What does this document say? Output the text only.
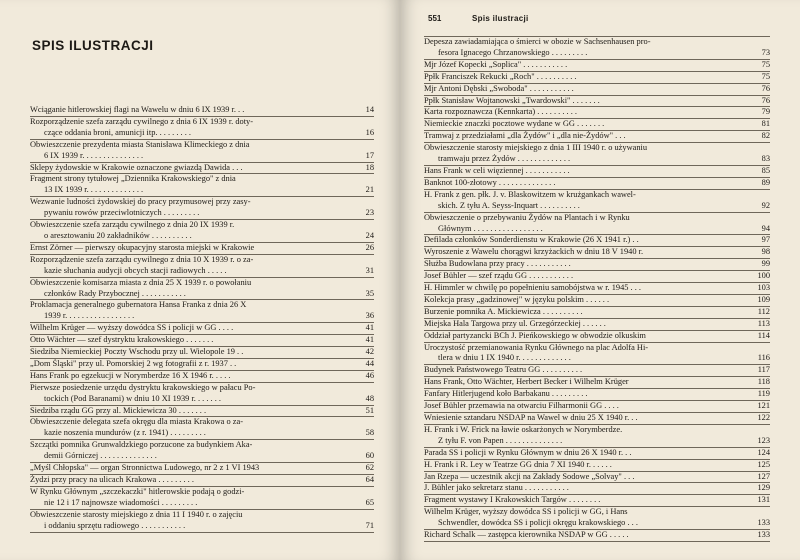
SPIS ILUSTRACJI
Wciąganie hitlerowskiej flagi na Wawelu w dniu 6 IX 1939 r. . .	14
Rozporządzenie szefa zarządu cywilnego z dnia 6 IX 1939 r. doty-
czące oddania broni, amunicji itp. . . . . . . . .	16
Obwieszczenie prezydenta miasta Stanisława Klimeckiego z dnia
6 IX 1939 r. . . . . . . . . . . . . . .	17
Sklepy żydowskie w Krakowie oznaczone gwiazdą Dawida . . .	18
Fragment strony tytułowej „Dziennika Krakowskiego" z dnia
13 IX 1939 r. . . . . . . . . . . . . .	21
Wezwanie ludności żydowskiej do pracy przymusowej przy zasy-
pywaniu rowów przeciwlotniczych . . . . . . . . .	23
Obwieszczenie szefa zarządu cywilnego z dnia 20 IX 1939 r.
o aresztowaniu 20 zakładników . . . . . . . . . .	24
Ernst Zörner — pierwszy okupacyjny starosta miejski w Krakowie	26
Rozporządzenie szefa zarządu cywilnego z dnia 10 X 1939 r. o za-
kazie słuchania audycji obcych stacji radiowych . . . . .	31
Obwieszczenie komisarza miasta z dnia 25 X 1939 r. o powołaniu
członków Rady Przybocznej . . . . . . . . . . .	35
Proklamacja generalnego gubernatora Hansa Franka z dnia 26 X
1939 r. . . . . . . . . . . . . . . . .	36
Wilhelm Krüger — wyższy dowódca SS i policji w GG . . . .	41
Otto Wächter — szef dystryktu krakowskiego . . . . . . .	41
Siedziba Niemieckiej Poczty Wschodu przy ul. Wielopole 19 . .	42
„Dom Śląski" przy ul. Pomorskiej 2 wg fotografii z r. 1937 . .	44
Hans Frank po egzekucji w Norymberdze 16 X 1946 r. . . . .	46
Pierwsze posiedzenie urzędu dystryktu krakowskiego w pałacu Po-
tockich (Pod Baranami) w dniu 10 XI 1939 r. . . . . . .	48
Siedziba rządu GG przy al. Mickiewicza 30 . . . . . . .	51
Obwieszczenie delegata szefa okręgu dla miasta Krakowa o za-
kazie noszenia mundurów (z r. 1941) . . . . . . . . .	58
Szczątki pomnika Grunwaldzkiego porzucone za budynkiem Aka-
demii Górniczej . . . . . . . . . . . . . .	60
„Myśl Chłopska" — organ Stronnictwa Ludowego, nr 2 z 1 VI 1943	62
Żydzi przy pracy na ulicach Krakowa . . . . . . . . .	64
W Rynku Głównym „szczekaczki" hitlerowskie podają o godzi-
nie 12 i 17 najnowsze wiadomości . . . . . . . . .	65
Obwieszczenie starosty miejskiego z dnia 11 I 1940 r. o zajęciu
i oddaniu sprzętu radiowego . . . . . . . . . . .	71
551	Spis ilustracji
Depesza zawiadamiająca o śmierci w obozie w Sachsenhausen pro-
fesora Ignacego Chrzanowskiego . . . . . . . . .	73
Mjr Józef Kopecki „Soplica" . . . . . . . . . . .	75
Ppłk Franciszek Rekucki „Roch" . . . . . . . . . .	75
Mjr Antoni Dębski „Swoboda" . . . . . . . . . . .	76
Ppłk Stanisław Wojtanowski „Twardowski" . . . . . . .	76
Karta rozpoznawcza (Kennkarta) . . . . . . . . . .	79
Niemieckie znaczki pocztowe wydane w GG . . . . . . .	81
Tramwaj z przedziałami „dla Żydów" i „dla nie-Żydów" . . .	82
Obwieszczenie starosty miejskiego z dnia 1 III 1940 r. o używaniu
tramwaju przez Żydów . . . . . . . . . . . . .	83
Hans Frank w celi więziennej . . . . . . . . . . .	85
Banknot 100-złotowy . . . . . . . . . . . . . .	89
H. Frank z gen. płk. J. v. Blaskowitzem w krużgankach wawel-
skich. Z tyłu A. Seyss-Inquart . . . . . . . . . .	92
Obwieszczenie o przebywaniu Żydów na Plantach i w Rynku
Głównym . . . . . . . . . . . . . . . . .	94
Defilada członków Sonderdienstu w Krakowie (26 X 1941 r.) . .	97
Wyroszenie z Wawelu chorągwi krzyżackich w dniu 18 V 1940 r.	98
Służba Budowlana przy pracy . . . . . . . . . . .	99
Josef Bühler — szef rządu GG . . . . . . . . . . .	100
H. Himmler w chwilę po popełnieniu samobójstwa w r. 1945 . . .	103
Kolekcja prasy „gadzinowej" w języku polskim . . . . . .	109
Burzenie pomnika A. Mickiewicza . . . . . . . . . .	112
Miejska Hala Targowa przy ul. Grzegórzeckiej . . . . . .	113
Oddział partyzancki BCh J. Pieńkowskiego w obwodzie olkuskim	114
Uroczystość przemianowania Rynku Głównego na plac Adolfa Hi-
tlera w dniu 1 IX 1940 r. . . . . . . . . . . . .	116
Budynek Państwowego Teatru GG . . . . . . . . . .	117
Hans Frank, Otto Wächter, Herbert Becker i Wilhelm Krüger	118
Fanfary Hitlerjugend koło Barbakanu . . . . . . . . .	119
Josef Bühler przemawia na otwarciu Filharmonii GG . . . .	121
Wniesienie sztandaru NSDAP na Wawel w dniu 25 X 1940 r. . .	122
H. Frank i W. Frick na ławie oskarżonych w Norymberdze.
Z tyłu F. von Papen . . . . . . . . . . . . . .	123
Parada SS i policji w Rynku Głównym w dniu 26 X 1940 r. . .	124
H. Frank i R. Ley w Teatrze GG dnia 7 XI 1940 r. . . . . .	125
Jan Rzepa — uczestnik akcji na Zakłady Sodowe „Solvay" . . .	127
J. Bühler jako sekretarz stanu . . . . . . . . . . .	129
Fragment wystawy I Krakowskich Targów . . . . . . . .	131
Wilhelm Krüger, wyższy dowódca SS i policji w GG, i Hans
Schwendler, dowódca SS i policji okręgu krakowskiego . . .	133
Richard Schalk — zastępca kierownika NSDAP w GG . . . . .	133
